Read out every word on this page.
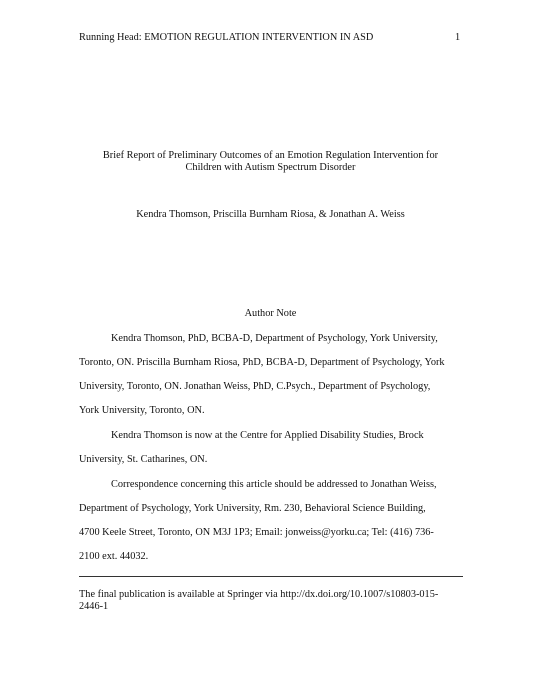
Running Head: EMOTION REGULATION INTERVENTION IN ASD	1
Brief Report of Preliminary Outcomes of an Emotion Regulation Intervention for
Children with Autism Spectrum Disorder
Kendra Thomson, Priscilla Burnham Riosa, & Jonathan A. Weiss
Author Note
Kendra Thomson, PhD, BCBA-D, Department of Psychology, York University,
Toronto, ON. Priscilla Burnham Riosa, PhD, BCBA-D, Department of Psychology, York
University, Toronto, ON. Jonathan Weiss, PhD, C.Psych., Department of Psychology,
York University, Toronto, ON.
Kendra Thomson is now at the Centre for Applied Disability Studies, Brock
University, St. Catharines, ON.
Correspondence concerning this article should be addressed to Jonathan Weiss,
Department of Psychology, York University, Rm. 230, Behavioral Science Building,
4700 Keele Street, Toronto, ON M3J 1P3; Email: jonweiss@yorku.ca; Tel: (416) 736-
2100 ext. 44032.
The final publication is available at Springer via http://dx.doi.org/10.1007/s10803-015-
2446-1
